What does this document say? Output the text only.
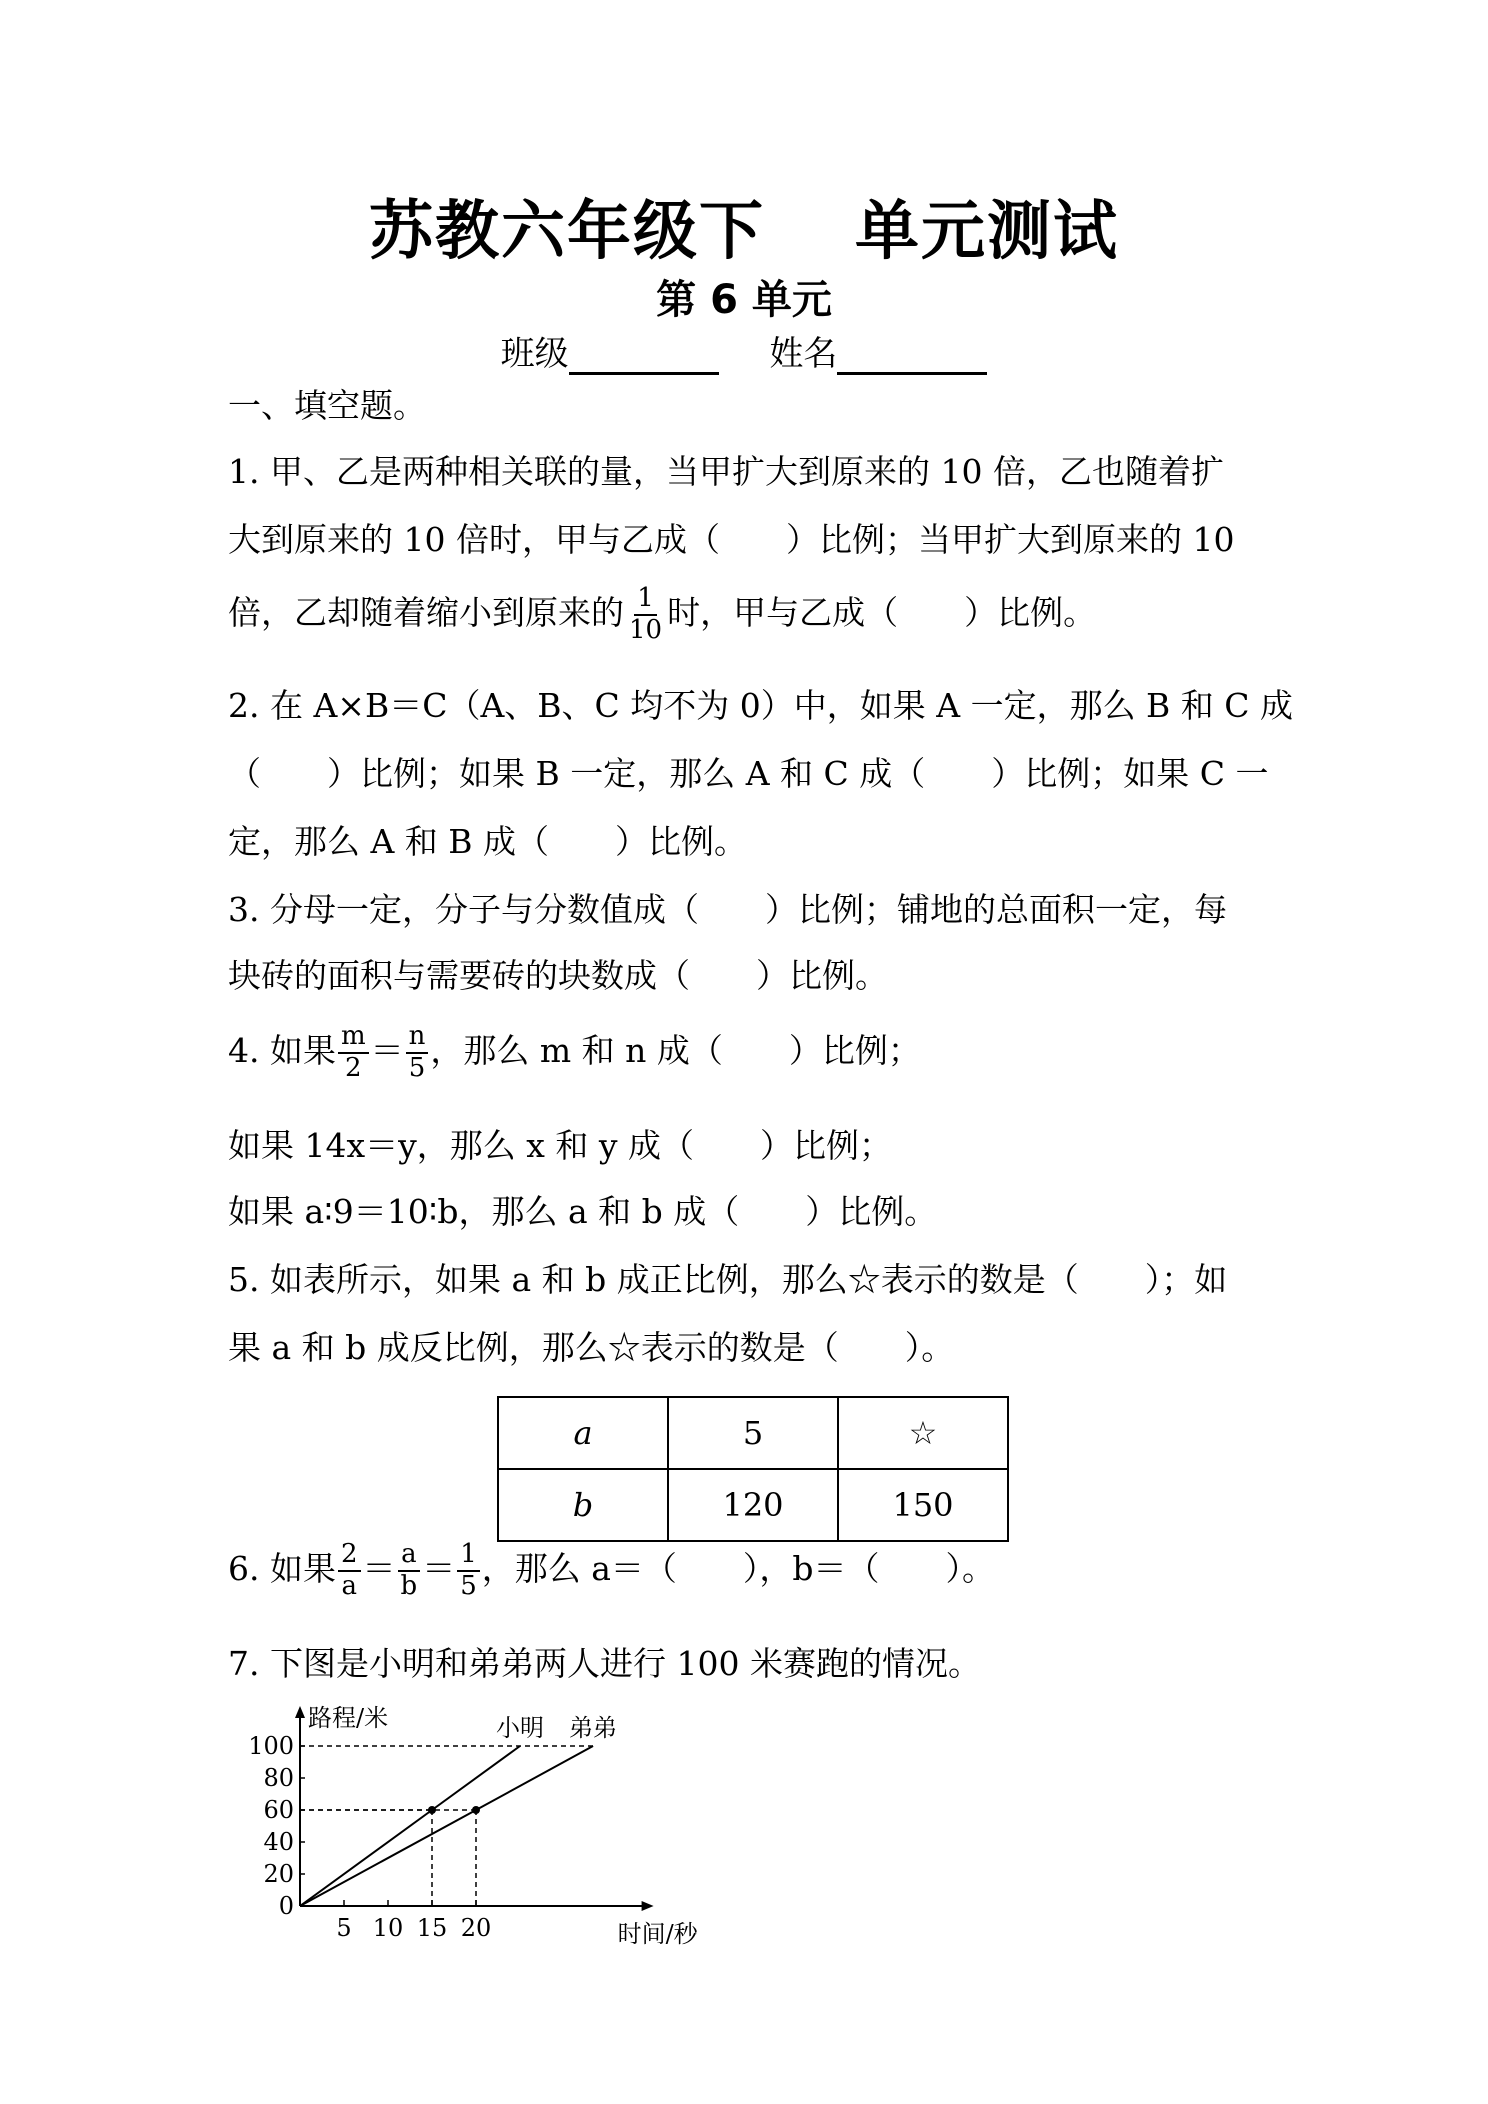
苏教六年级下 单元测试
第 6 单元
班级	姓名
一、填空题。
1. 甲、乙是两种相关联的量，当甲扩大到原来的 10 倍，乙也随着扩
大到原来的 10 倍时，甲与乙成（　　）比例；当甲扩大到原来的 10
倍，乙却随着缩小到原来的 $\frac{1}{10}$ 时，甲与乙成（　　）比例。
2. 在 A×B＝C（A、B、C 均不为 0）中，如果 A 一定，那么 B 和 C 成
（　　）比例；如果 B 一定，那么 A 和 C 成（　　）比例；如果 C 一
定，那么 A 和 B 成（　　）比例。
3. 分母一定，分子与分数值成（　　）比例；铺地的总面积一定，每
块砖的面积与需要砖的块数成（　　）比例。
4. 如果 $\frac{m}{2} = \frac{n}{5}$ ，那么 m 和 n 成（　　）比例；
如果 14x＝y，那么 x 和 y 成（　　）比例；
如果 a∶9＝10∶b，那么 a 和 b 成（　　）比例。
5. 如表所示，如果 a 和 b 成正比例，那么☆表示的数是（　　）；如
果 a 和 b 成反比例，那么☆表示的数是（　　）。
a	5	☆
b	120	150
6. 如果 $\frac{2}{a} = \frac{a}{b} = \frac{1}{5}$ ，那么 a＝（　　），b＝（　　）。
7. 下图是小明和弟弟两人进行 100 米赛跑的情况。
路程/米
时间/秒
0
20
40
60
80
100
5 10 15 20
小明 弟弟
